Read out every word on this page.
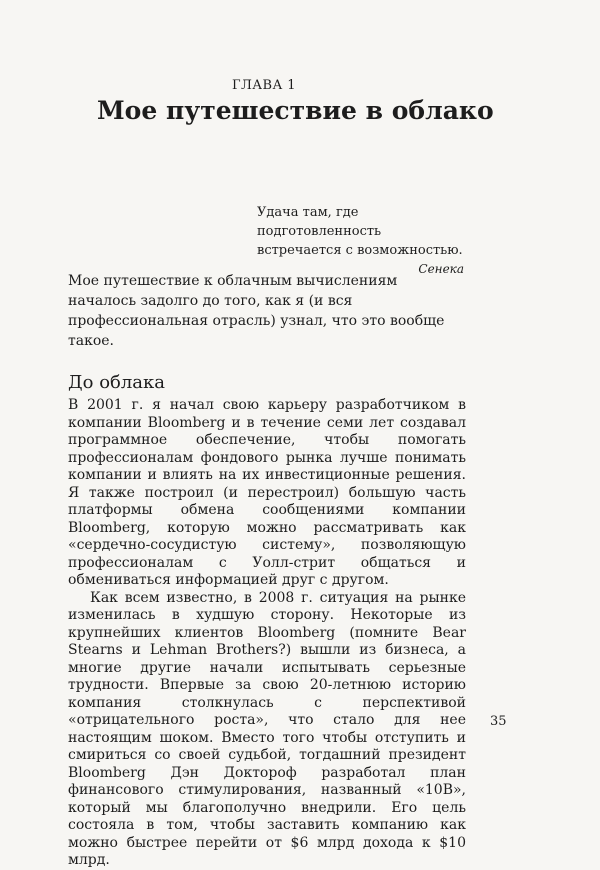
ГЛАВА 1
Мое путешествие в облако

Удача там, где подготовленность встречается с возможностью.

Сенека

Мое путешествие к облачным вычислениям началось задолго до того, как я (и вся профессиональная отрасль) узнал, что это вообще такое.

До облака

В 2001 г. я начал свою карьеру разработчиком в компании Bloomberg и в течение семи лет создавал программное обеспечение, чтобы помогать профессионалам фондового рынка лучше понимать компании и влиять на их инвестиционные решения. Я также построил (и перестроил) большую часть платформы обмена сообщениями компании Bloomberg, которую можно рассматривать как «сердечно-сосудистую систему», позволяющую профессионалам с Уолл-стрит общаться и обмениваться информацией друг с другом.

Как всем известно, в 2008 г. ситуация на рынке изменилась в худшую сторону. Некоторые из крупнейших клиентов Bloomberg (помните Bear Stearns и Lehman Brothers?) вышли из бизнеса, а многие другие начали испытывать серьезные трудности. Впервые за свою 20-летнюю историю компания столкнулась с перспективой «отрицательного роста», что стало для нее настоящим шоком. Вместо того чтобы отступить и смириться со своей судьбой, тогдашний президент Bloomberg Дэн Доктороф разработал план финансового стимулирования, названный «10B», который мы благополучно внедрили. Его цель состояла в том, чтобы заставить компанию как можно быстрее перейти от $6 млрд дохода к $10 млрд.

35
